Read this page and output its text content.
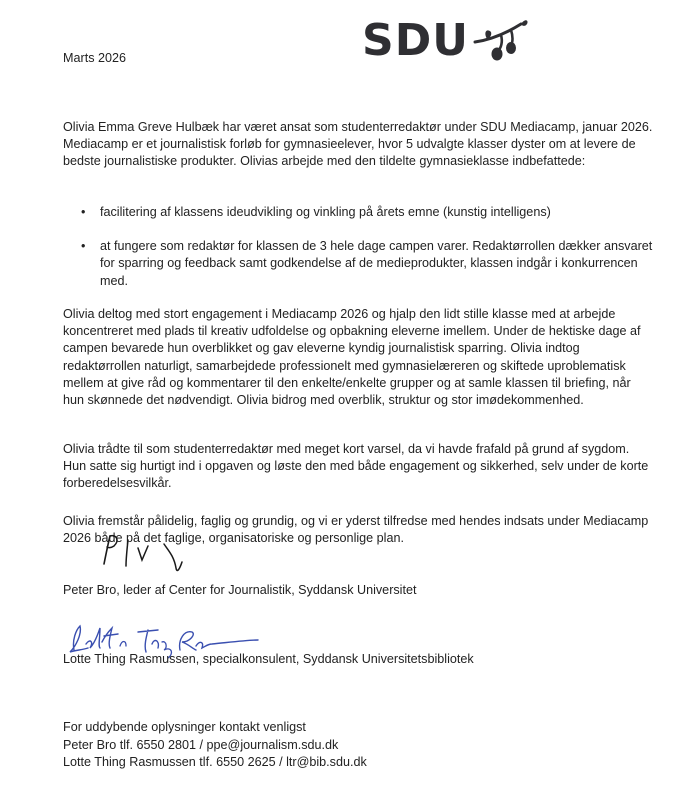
Marts 2026	SDU

Olivia Emma Greve Hulbæk har været ansat som studenterredaktør under SDU Mediacamp, januar 2026. Mediacamp er et journalistisk forløb for gymnasieelever, hvor 5 udvalgte klasser dyster om at levere de bedste journalistiske produkter. Olivias arbejde med den tildelte gymnasieklasse indbefattede:

•	facilitering af klassens ideudvikling og vinkling på årets emne (kunstig intelligens)
•	at fungere som redaktør for klassen de 3 hele dage campen varer. Redaktørrollen dækker ansvaret for sparring og feedback samt godkendelse af de medieprodukter, klassen indgår i konkurrencen med.

Olivia deltog med stort engagement i Mediacamp 2026 og hjalp den lidt stille klasse med at arbejde koncentreret med plads til kreativ udfoldelse og opbakning eleverne imellem. Under de hektiske dage af campen bevarede hun overblikket og gav eleverne kyndig journalistisk sparring. Olivia indtog redaktørrollen naturligt, samarbejdede professionelt med gymnasielæreren og skiftede uproblematisk mellem at give råd og kommentarer til den enkelte/enkelte grupper og at samle klassen til briefing, når hun skønnede det nødvendigt. Olivia bidrog med overblik, struktur og stor imødekommenhed.

Olivia trådte til som studenterredaktør med meget kort varsel, da vi havde frafald på grund af sygdom. Hun satte sig hurtigt ind i opgaven og løste den med både engagement og sikkerhed, selv under de korte forberedelsesvilkår.

Olivia fremstår pålidelig, faglig og grundig, og vi er yderst tilfredse med hendes indsats under Mediacamp 2026 både på det faglige, organisatoriske og personlige plan.

Peter Bro, leder af Center for Journalistik, Syddansk Universitet
Lotte Thing Rasmussen, specialkonsulent, Syddansk Universitetsbibliotek
For uddybende oplysninger kontakt venligst
Peter Bro tlf. 6550 2801 / ppe@journalism.sdu.dk
Lotte Thing Rasmussen tlf. 6550 2625 / ltr@bib.sdu.dk
